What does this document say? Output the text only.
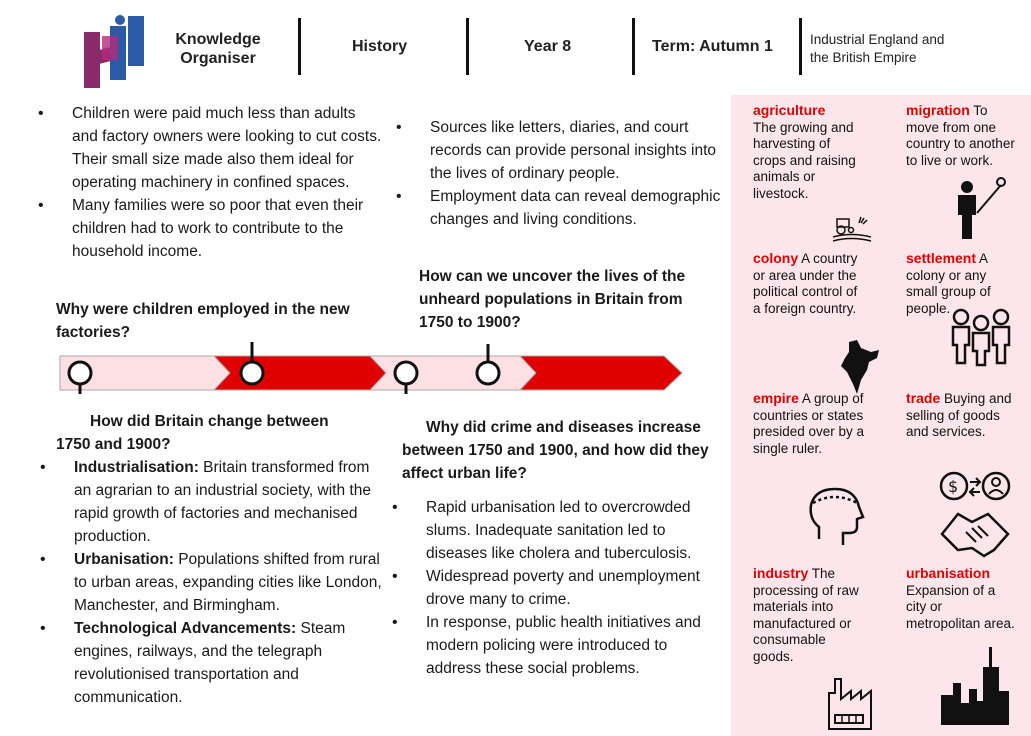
Knowledge
Organiser
History	Year 8	Term: Autumn 1	Industrial England and
the British Empire
• Children were paid much less than adults and factory owners were looking to cut costs. Their small size made also them ideal for operating machinery in confined spaces.
• Many families were so poor that even their children had to work to contribute to the household income.
Why were children employed in the new factories?
• Sources like letters, diaries, and court records can provide personal insights into the lives of ordinary people.
• Employment data can reveal demographic changes and living conditions.
How can we uncover the lives of the unheard populations in Britain from 1750 to 1900?
How did Britain change between 1750 and 1900?
• Industrialisation: Britain transformed from an agrarian to an industrial society, with the rapid growth of factories and mechanised production.
• Urbanisation: Populations shifted from rural to urban areas, expanding cities like London, Manchester, and Birmingham.
• Technological Advancements: Steam engines, railways, and the telegraph revolutionised transportation and communication.
Why did crime and diseases increase between 1750 and 1900, and how did they affect urban life?
• Rapid urbanisation led to overcrowded slums. Inadequate sanitation led to diseases like cholera and tuberculosis.
• Widespread poverty and unemployment drove many to crime.
• In response, public health initiatives and modern policing were introduced to address these social problems.
agriculture
The growing and harvesting of crops and raising animals or livestock.
colony A country or area under the political control of a foreign country.
empire A group of countries or states presided over by a single ruler.
industry The processing of raw materials into manufactured or consumable goods.
migration To move from one country to another to live or work.
settlement A colony or any small group of people.
trade Buying and selling of goods and services.
urbanisation
Expansion of a city or metropolitan area.
$
